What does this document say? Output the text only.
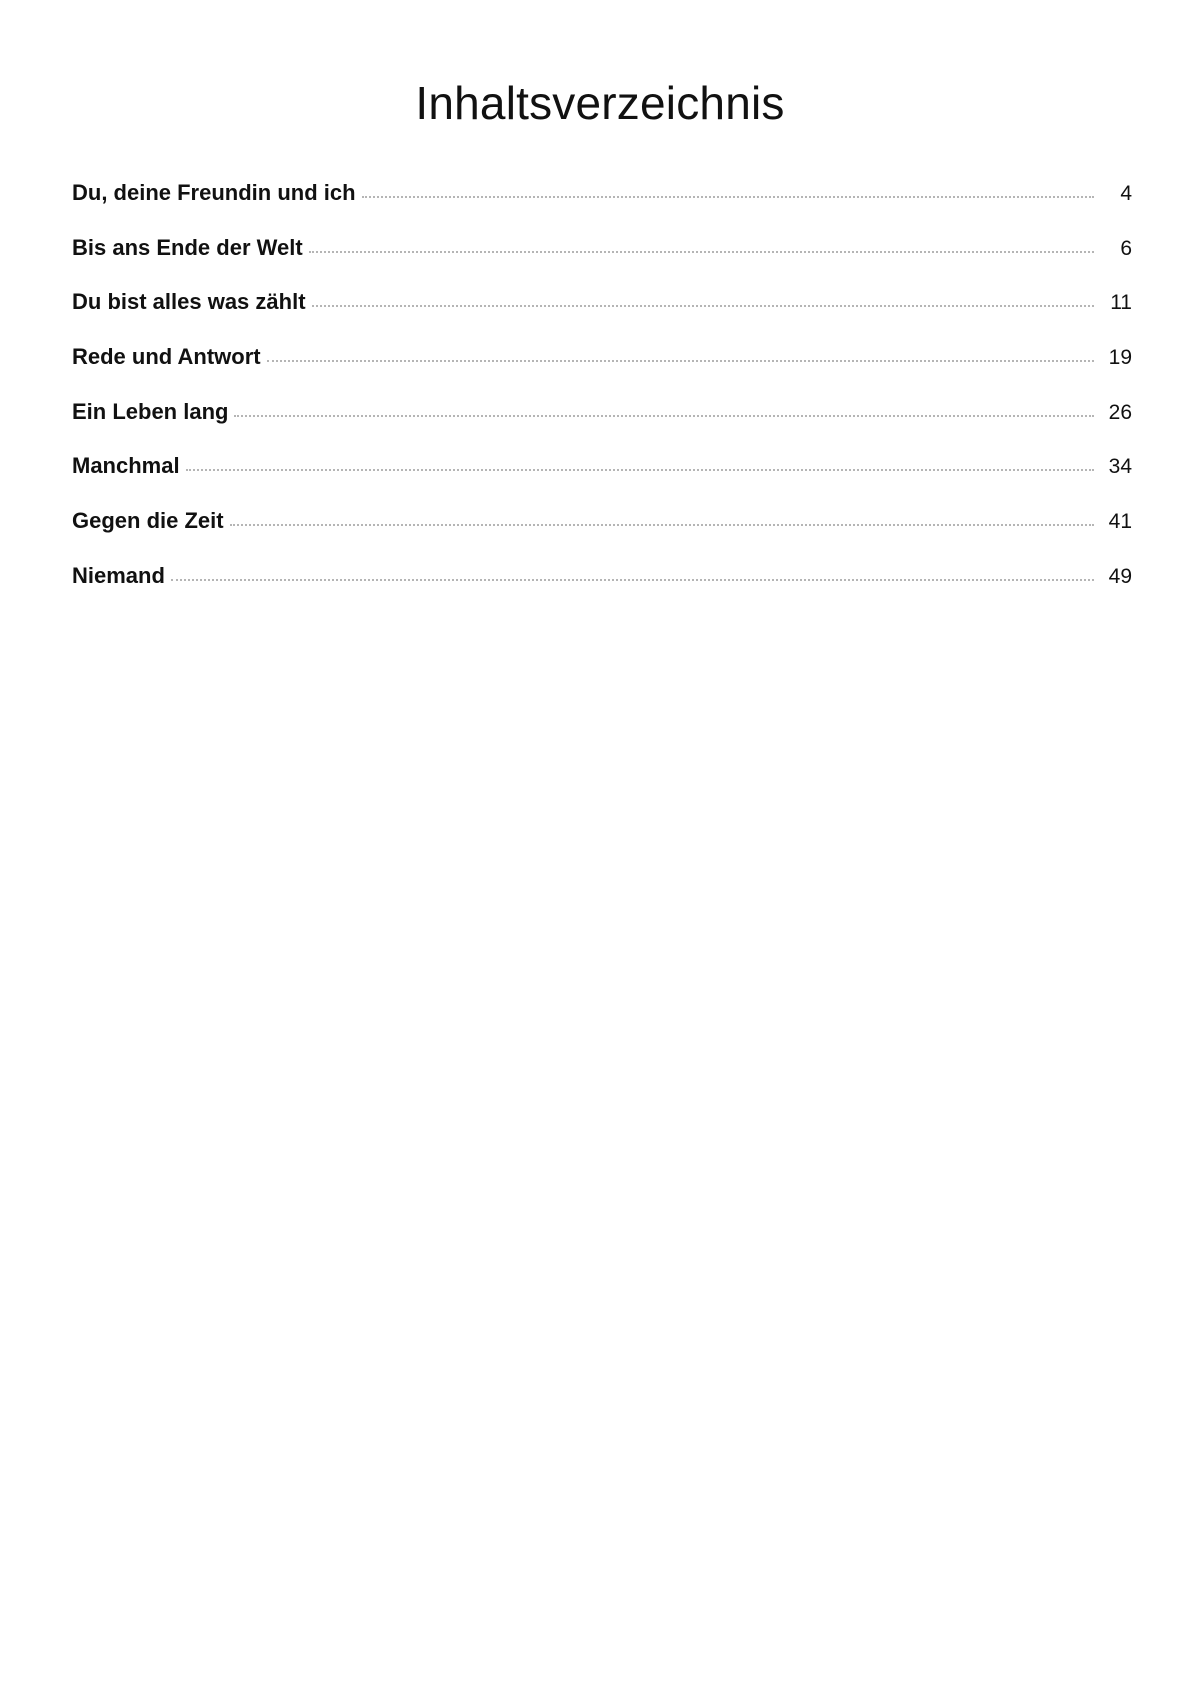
Inhaltsverzeichnis
Du, deine Freundin und ich	4
Bis ans Ende der Welt	6
Du bist alles was zählt	11
Rede und Antwort	19
Ein Leben lang	26
Manchmal	34
Gegen die Zeit	41
Niemand	49
